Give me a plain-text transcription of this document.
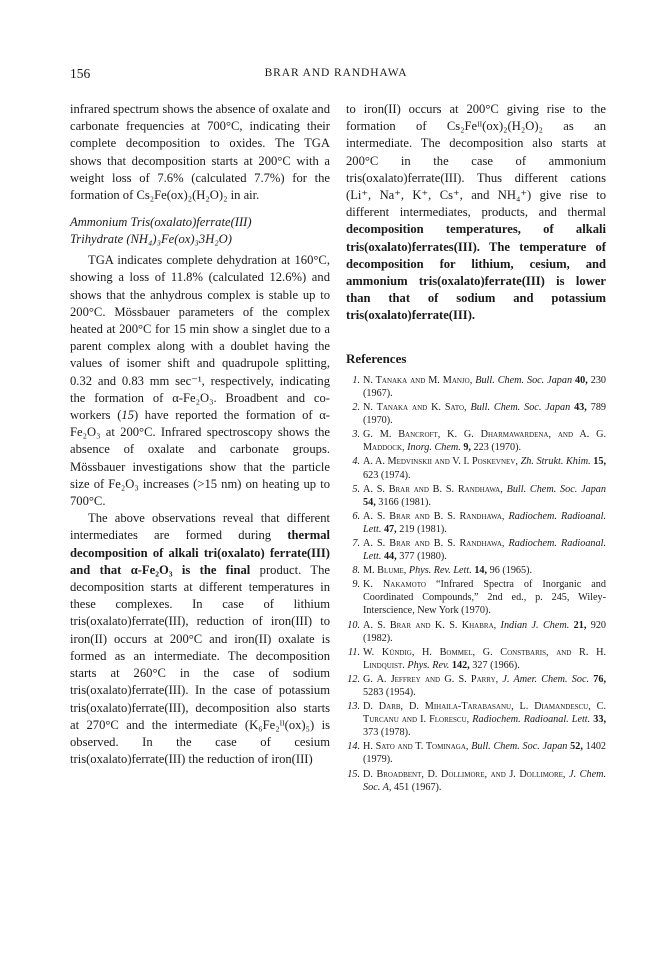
156	BRAR AND RANDHAWA

infrared spectrum shows the absence of oxalate and carbonate frequencies at 700°C, indicating their complete decomposition to oxides. The TGA shows that decomposition starts at 200°C with a weight loss of 7.6% (calculated 7.7%) for the formation of Cs₂Fe(ox)₂(H₂O)₂ in air.

Ammonium Tris(oxalato)ferrate(III)
Trihydrate (NH₄)₃Fe(ox)₃3H₂O)

TGA indicates complete dehydration at 160°C, showing a loss of 11.8% (calculated 12.6%) and shows that the anhydrous complex is stable up to 200°C. Mössbauer parameters of the complex heated at 200°C for 15 min show a singlet due to a parent complex along with a doublet having the values of isomer shift and quadrupole splitting, 0.32 and 0.83 mm sec⁻¹, respectively, indicating the formation of α-Fe₂O₃. Broadbent and co-workers (15) have reported the formation of α-Fe₂O₃ at 200°C. Infrared spectroscopy shows the absence of oxalate and carbonate groups. Mössbauer investigations show that the particle size of Fe₂O₃ increases (>15 nm) on heating up to 700°C.

The above observations reveal that different intermediates are formed during thermal decomposition of alkali tri(oxalato) ferrate(III) and that α-Fe₂O₃ is the final product. The decomposition starts at different temperatures in these complexes. In case of lithium tris(oxalato)ferrate(III), reduction of iron(III) to iron(II) occurs at 200°C and iron(II) oxalate is formed as an intermediate. The decomposition starts at 260°C in the case of sodium tris(oxalato)ferrate(III). In the case of potassium tris(oxalato)ferrate(III), decomposition also starts at 270°C and the intermediate (K₆Fe₂ᴵᴵ(ox)₅) is observed. In the case of cesium tris(oxalato)ferrate(III) the reduction of iron(III)

to iron(II) occurs at 200°C giving rise to the formation of Cs₂Feᴵᴵ(ox)₂(H₂O)₂ as an intermediate. The decomposition also starts at 200°C in the case of ammonium tris(oxalato)ferrate(III). Thus different cations (Li⁺, Na⁺, K⁺, Cs⁺, and NH₄⁺) give rise to different intermediates, products, and thermal decomposition temperatures, of alkali tris(oxalato)ferrates(III). The temperature of decomposition for lithium, cesium, and ammonium tris(oxalato)ferrate(III) is lower than that of sodium and potassium tris(oxalato)ferrate(III).

References
1. N. Tanaka and M. Manjo, Bull. Chem. Soc. Japan 40, 230 (1967).
2. N. Tanaka and K. Sato, Bull. Chem. Soc. Japan 43, 789 (1970).
3. G. M. Bancroft, K. G. Dharmawardena, and A. G. Maddock, Inorg. Chem. 9, 223 (1970).
4. A. A. Medvinskii and V. I. Poskevnev, Zh. Strukt. Khim. 15, 623 (1974).
5. A. S. Brar and B. S. Randhawa, Bull. Chem. Soc. Japan 54, 3166 (1981).
6. A. S. Brar and B. S. Randhawa, Radiochem. Radioanal. Lett. 47, 219 (1981).
7. A. S. Brar and B. S. Randhawa, Radiochem. Radioanal. Lett. 44, 377 (1980).
8. M. Blume, Phys. Rev. Lett. 14, 96 (1965).
9. K. Nakamoto “Infrared Spectra of Inorganic and Coordinated Compounds,” 2nd ed., p. 245, Wiley-Interscience, New York (1970).
10. A. S. Brar and K. S. Khabra, Indian J. Chem. 21, 920 (1982).
11. W. Kündig, H. Bommel, G. Constbaris, and R. H. Lindquist. Phys. Rev. 142, 327 (1966).
12. G. A. Jeffrey and G. S. Parry, J. Amer. Chem. Soc. 76, 5283 (1954).
13. D. Darb, D. Mihaila-Tarabasanu, L. Diamandescu, C. Turcanu and I. Florescu, Radiochem. Radioanal. Lett. 33, 373 (1978).
14. H. Sato and T. Tominaga, Bull. Chem. Soc. Japan 52, 1402 (1979).
15. D. Broadbent, D. Dollimore, and J. Dollimore, J. Chem. Soc. A, 451 (1967).
